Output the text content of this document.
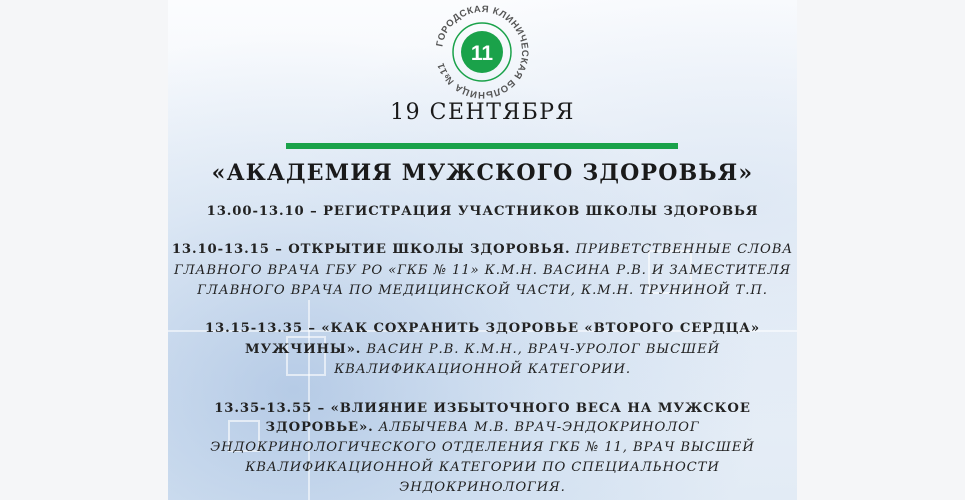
11
ГОРОДСКАЯ КЛИНИЧЕСКАЯ БОЛЬНИЦА №11
19 СЕНТЯБРЯ
«АКАДЕМИЯ МУЖСКОГО ЗДОРОВЬЯ»
13.00-13.10 – РЕГИСТРАЦИЯ УЧАСТНИКОВ ШКОЛЫ ЗДОРОВЬЯ
13.10-13.15 – ОТКРЫТИЕ ШКОЛЫ ЗДОРОВЬЯ. ПРИВЕТСТВЕННЫЕ СЛОВА
ГЛАВНОГО ВРАЧА ГБУ РО «ГКБ № 11» К.М.Н. ВАСИНА Р.В. И ЗАМЕСТИТЕЛЯ
ГЛАВНОГО ВРАЧА ПО МЕДИЦИНСКОЙ ЧАСТИ, К.М.Н. ТРУНИНОЙ Т.П.
13.15-13.35 – «КАК СОХРАНИТЬ ЗДОРОВЬЕ «ВТОРОГО СЕРДЦА»
МУЖЧИНЫ». ВАСИН Р.В. К.М.Н., ВРАЧ-УРОЛОГ ВЫСШЕЙ
КВАЛИФИКАЦИОННОЙ КАТЕГОРИИ.
13.35-13.55 – «ВЛИЯНИЕ ИЗБЫТОЧНОГО ВЕСА НА МУЖСКОЕ
ЗДОРОВЬЕ». АЛБЫЧЕВА М.В. ВРАЧ-ЭНДОКРИНОЛОГ
ЭНДОКРИНОЛОГИЧЕСКОГО ОТДЕЛЕНИЯ ГКБ № 11, ВРАЧ ВЫСШЕЙ
КВАЛИФИКАЦИОННОЙ КАТЕГОРИИ ПО СПЕЦИАЛЬНОСТИ
ЭНДОКРИНОЛОГИЯ.
